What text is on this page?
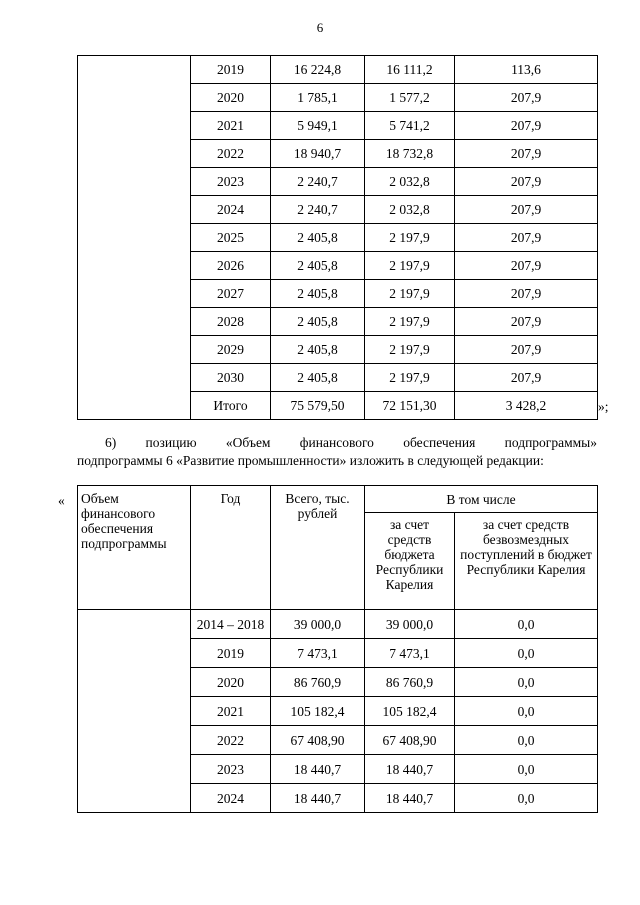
6
	2019	16 224,8	16 111,2	113,6
	2020	1 785,1	1 577,2	207,9
	2021	5 949,1	5 741,2	207,9
	2022	18 940,7	18 732,8	207,9
	2023	2 240,7	2 032,8	207,9
	2024	2 240,7	2 032,8	207,9
	2025	2 405,8	2 197,9	207,9
	2026	2 405,8	2 197,9	207,9
	2027	2 405,8	2 197,9	207,9
	2028	2 405,8	2 197,9	207,9
	2029	2 405,8	2 197,9	207,9
	2030	2 405,8	2 197,9	207,9
	Итого	75 579,50	72 151,30	3 428,2	»;
6) позицию «Объем финансового обеспечения подпрограммы»
подпрограммы 6 «Развитие промышленности» изложить в следующей редакции:
« Объем финансового обеспечения подпрограммы	Год	Всего, тыс. рублей	В том числе	
			за счет средств бюджета Республики Карелия	за счет средств безвозмездных поступлений в бюджет Республики Карелия
	2014 – 2018	39 000,0	39 000,0	0,0
	2019	7 473,1	7 473,1	0,0
	2020	86 760,9	86 760,9	0,0
	2021	105 182,4	105 182,4	0,0
	2022	67 408,90	67 408,90	0,0
	2023	18 440,7	18 440,7	0,0
	2024	18 440,7	18 440,7	0,0
